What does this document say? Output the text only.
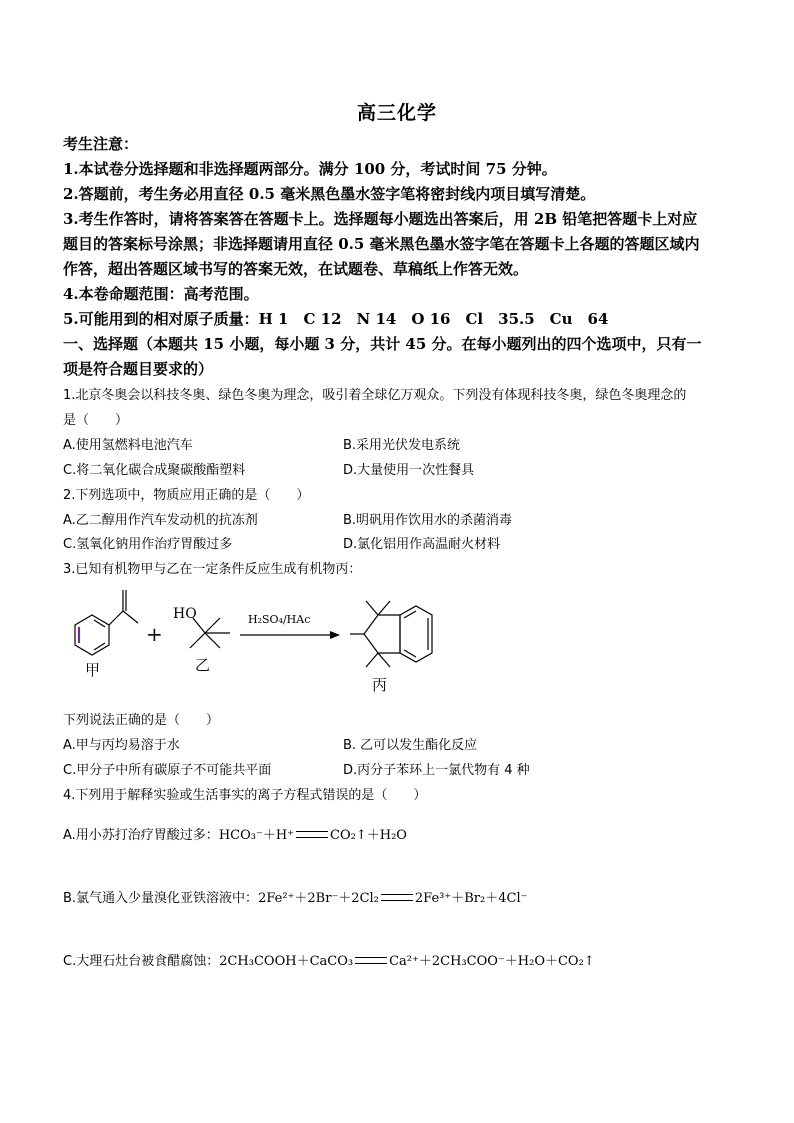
高三化学
考生注意：
1.本试卷分选择题和非选择题两部分。满分 100 分，考试时间 75 分钟。
2.答题前，考生务必用直径 0.5 毫米黑色墨水签字笔将密封线内项目填写清楚。
3.考生作答时，请将答案答在答题卡上。选择题每小题选出答案后，用 2B 铅笔把答题卡上对应
题目的答案标号涂黑；非选择题请用直径 0.5 毫米黑色墨水签字笔在答题卡上各题的答题区域内
作答，超出答题区域书写的答案无效，在试题卷、草稿纸上作答无效。
4.本卷命题范围：高考范围。
5.可能用到的相对原子质量：H 1　C 12　N 14　O 16　Cl　35.5　Cu　64
一、选择题（本题共 15 小题，每小题 3 分，共计 45 分。在每小题列出的四个选项中，只有一
项是符合题目要求的）
1.北京冬奥会以科技冬奥、绿色冬奥为理念，吸引着全球亿万观众。下列没有体现科技冬奥，绿色冬奥理念的
是（　　）
A.使用氢燃料电池汽车	B.采用光伏发电系统
C.将二氧化碳合成聚碳酸酯塑料	D.大量使用一次性餐具
2.下列选项中，物质应用正确的是（　　）
A.乙二醇用作汽车发动机的抗冻剂	B.明矾用作饮用水的杀菌消毒
C.氢氧化钠用作治疗胃酸过多	D.氯化铝用作高温耐火材料
3.已知有机物甲与乙在一定条件反应生成有机物丙：
甲
+
HO
乙
H₂SO₄/HAc
丙
下列说法正确的是（　　）
A.甲与丙均易溶于水	B. 乙可以发生酯化反应
C.甲分子中所有碳原子不可能共平面	D.丙分子苯环上一氯代物有 4 种
4.下列用于解释实验或生活事实的离子方程式错误的是（　　）
A.用小苏打治疗胃酸过多：HCO₃⁻＋H⁺	CO₂↑＋H₂O
B.氯气通入少量溴化亚铁溶液中：2Fe²⁺＋2Br⁻＋2Cl₂	2Fe³⁺＋Br₂＋4Cl⁻
C.大理石灶台被食醋腐蚀：2CH₃COOH＋CaCO₃	Ca²⁺＋2CH₃COO⁻＋H₂O＋CO₂↑
